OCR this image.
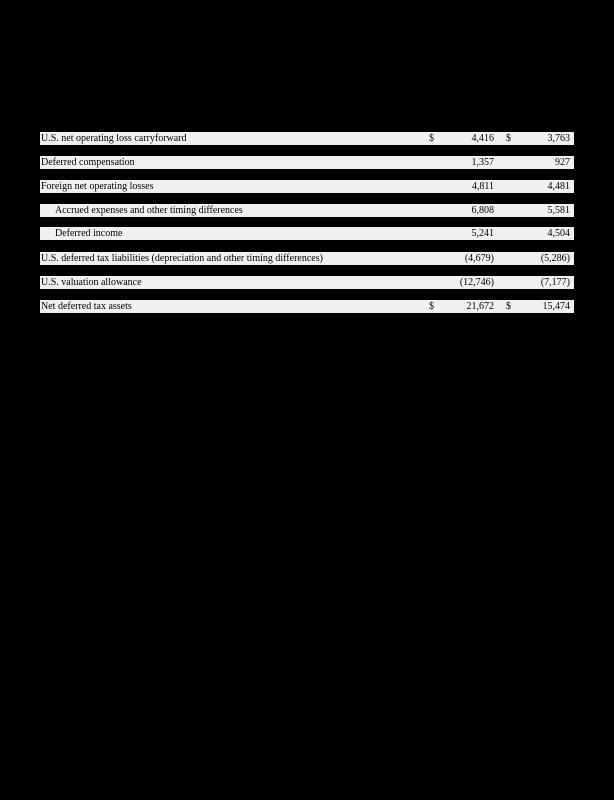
U.S. net operating loss carryforward	$	4,416 $	3,763
Deferred compensation	1,357	927
Foreign net operating losses	4,811	4,481
Accrued expenses and other timing differences	6,808	5,581
Deferred income	5,241	4,504
U.S. deferred tax liabilities (depreciation and other timing differences)	(4,679)	(5,286)
U.S. valuation allowance	(12,746)	(7,177)
Net deferred tax assets	$	21,672 $	15,474
